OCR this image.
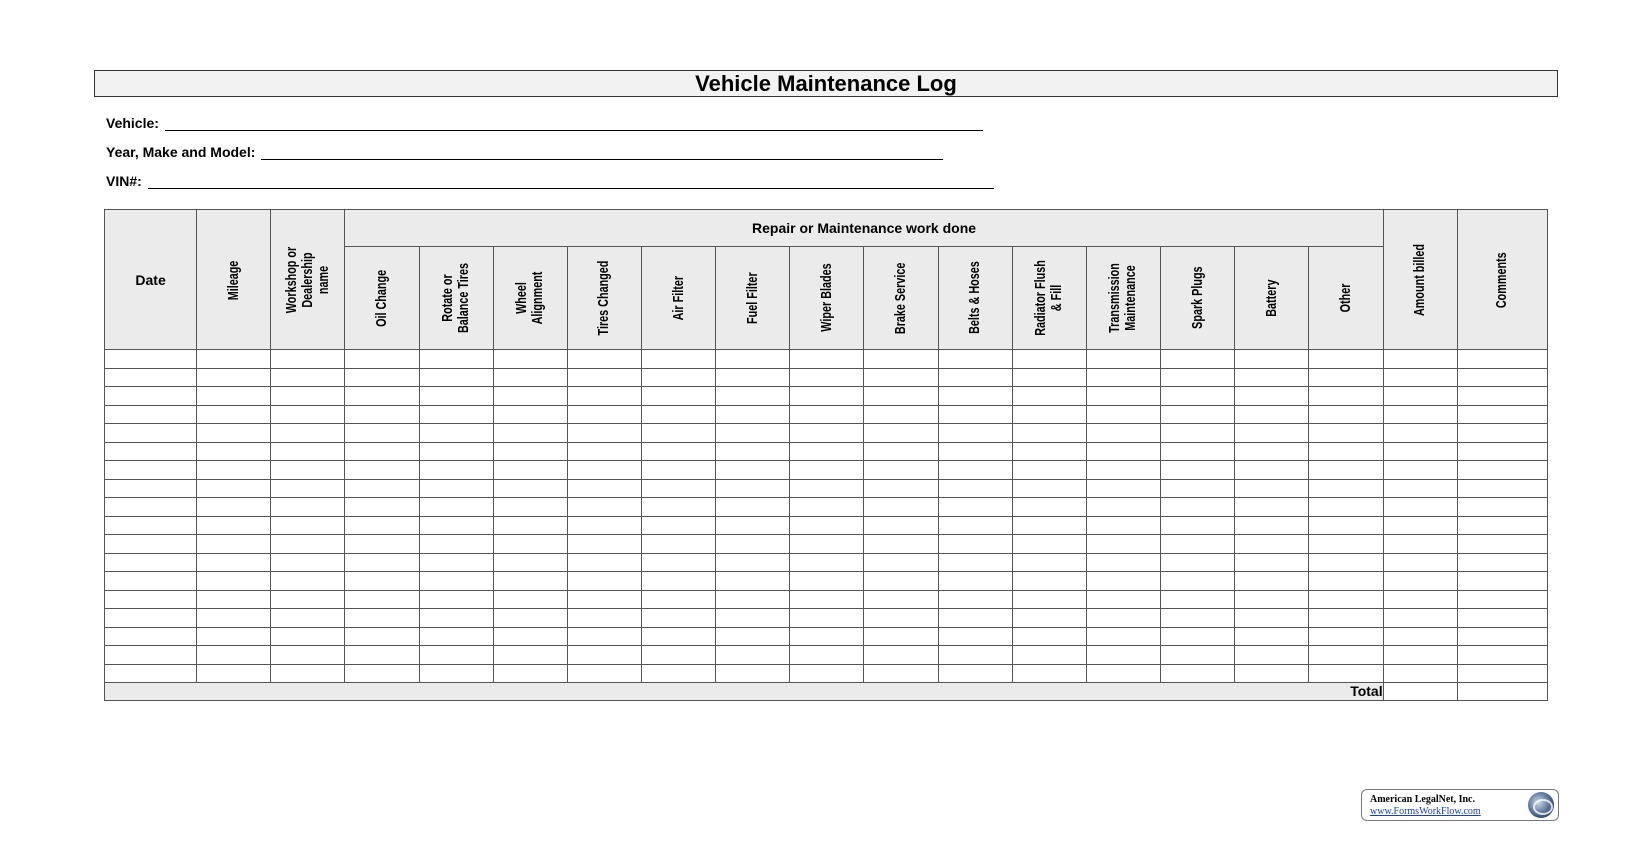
Vehicle Maintenance Log
Vehicle:
Year, Make and Model:
VIN#:
Date	Mileage	Workshop or Dealership name	Repair or Maintenance work done														Amount billed	Comments

			Oil Change	Rotate or Balance Tires	Wheel Alignment	Tires Changed	Air Filter	Fuel Filter	Wiper Blades	Brake Service	Belts & Hoses	Radiator Flush & Fill	Transmission Maintenance	Spark Plugs	Battery	Other		

Total																		
American LegalNet, Inc.
www.FormsWorkFlow.com
